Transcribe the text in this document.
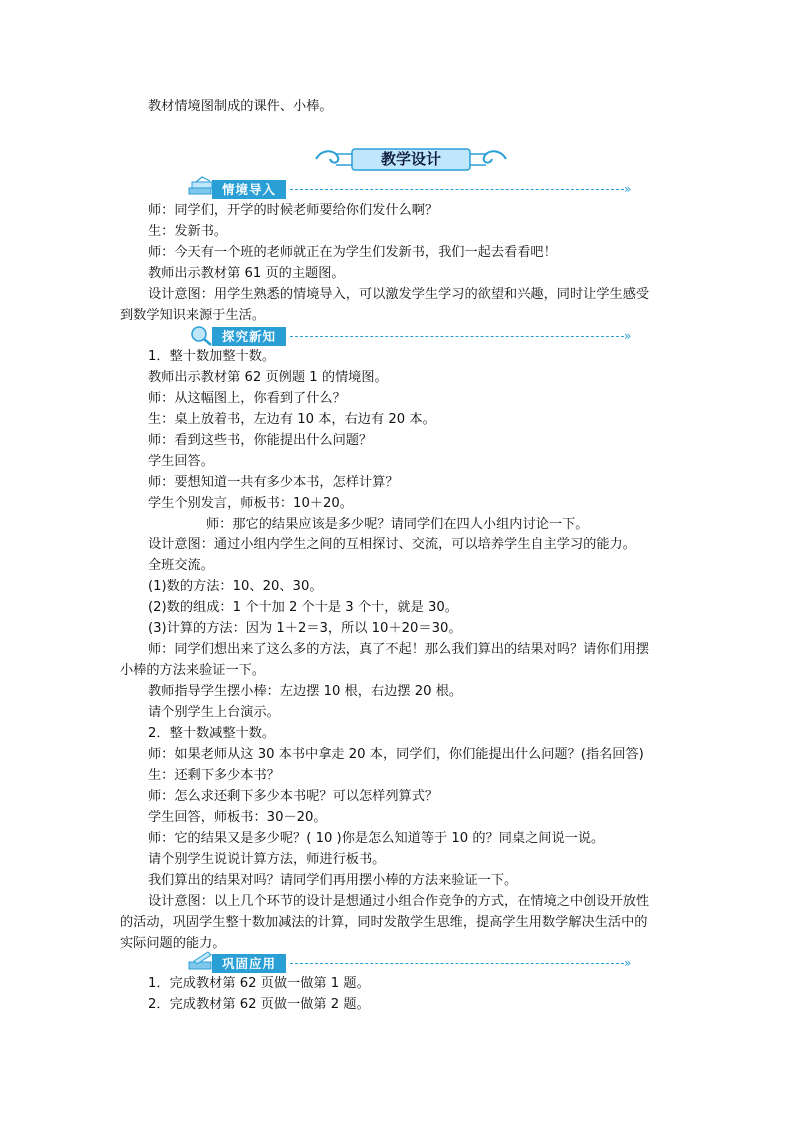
教材情境图制成的课件、小棒。
教学设计
情境导入	»
师：同学们，开学的时候老师要给你们发什么啊？
生：发新书。
师：今天有一个班的老师就正在为学生们发新书，我们一起去看看吧！
教师出示教材第 61 页的主题图。
设计意图：用学生熟悉的情境导入，可以激发学生学习的欲望和兴趣，同时让学生感受
到数学知识来源于生活。
探究新知	»
1．整十数加整十数。
教师出示教材第 62 页例题 1 的情境图。
师：从这幅图上，你看到了什么？
生：桌上放着书，左边有 10 本，右边有 20 本。
师：看到这些书，你能提出什么问题？
学生回答。
师：要想知道一共有多少本书，怎样计算？
学生个别发言，师板书：10＋20。
师：那它的结果应该是多少呢？请同学们在四人小组内讨论一下。
设计意图：通过小组内学生之间的互相探讨、交流，可以培养学生自主学习的能力。
全班交流。
(1)数的方法：10、20、30。
(2)数的组成：1 个十加 2 个十是 3 个十，就是 30。
(3)计算的方法：因为 1＋2＝3，所以 10＋20＝30。
师：同学们想出来了这么多的方法，真了不起！那么我们算出的结果对吗？请你们用摆
小棒的方法来验证一下。
教师指导学生摆小棒：左边摆 10 根，右边摆 20 根。
请个别学生上台演示。
2．整十数减整十数。
师：如果老师从这 30 本书中拿走 20 本，同学们，你们能提出什么问题？(指名回答)
生：还剩下多少本书？
师：怎么求还剩下多少本书呢？可以怎样列算式？
学生回答，师板书：30－20。
师：它的结果又是多少呢？( 10 )你是怎么知道等于 10 的？同桌之间说一说。
请个别学生说说计算方法，师进行板书。
我们算出的结果对吗？请同学们再用摆小棒的方法来验证一下。
设计意图：以上几个环节的设计是想通过小组合作竞争的方式，在情境之中创设开放性
的活动，巩固学生整十数加减法的计算，同时发散学生思维，提高学生用数学解决生活中的
实际问题的能力。
巩固应用	»
1．完成教材第 62 页做一做第 1 题。
2．完成教材第 62 页做一做第 2 题。
